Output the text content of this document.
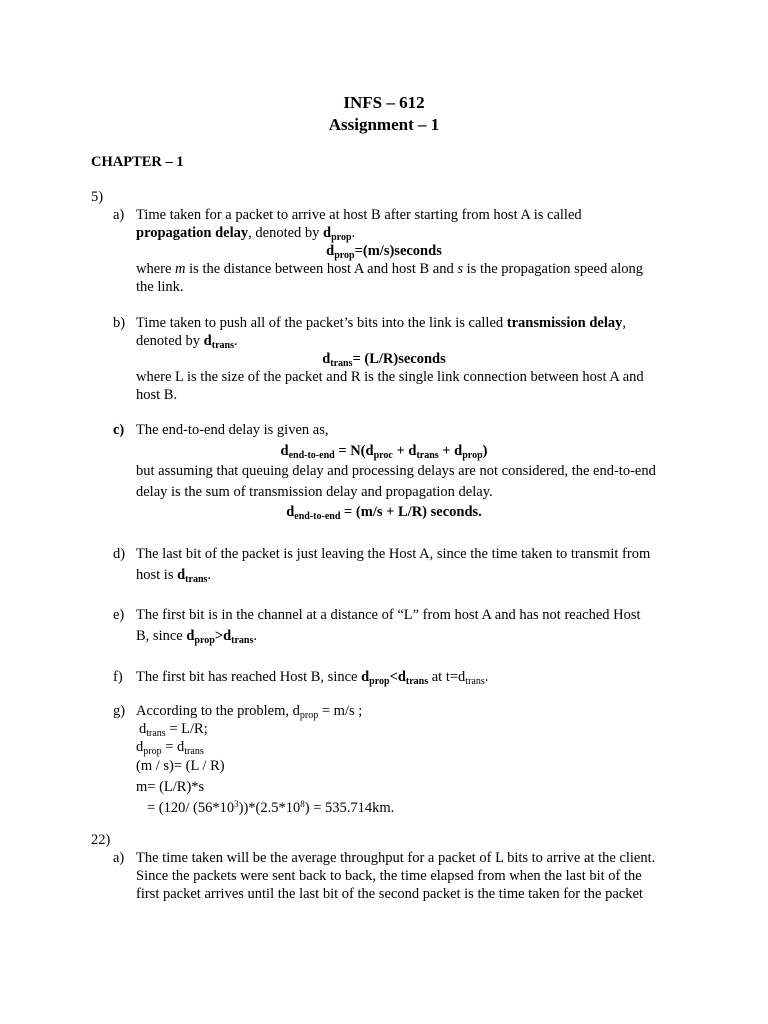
INFS – 612
Assignment – 1
CHAPTER – 1
5)
a) Time taken for a packet to arrive at host B after starting from host A is called
propagation delay, denoted by $d_{prop}$.
$d_{prop}=(m/s)seconds$
where m is the distance between host A and host B and s is the propagation speed along
the link.
b) Time taken to push all of the packet’s bits into the link is called transmission delay,
denoted by $d_{trans}$.
$d_{trans}=$ (L/R)seconds
where L is the size of the packet and R is the single link connection between host A and
host B.
c) The end-to-end delay is given as,
$d_{end-to-end} = N(d_{proc} + d_{trans} + d_{prop})$
but assuming that queuing delay and processing delays are not considered, the end-to-end
delay is the sum of transmission delay and propagation delay.
$d_{end-to-end} = (m/s + L/R)$ seconds.
d) The last bit of the packet is just leaving the Host A, since the time taken to transmit from
host is $d_{trans}$.
e) The first bit is in the channel at a distance of “L” from host A and has not reached Host
B, since $d_{prop}>d_{trans}$.
f) The first bit has reached Host B, since $d_{prop}<d_{trans}$ at $t=d_{trans}$.
g) According to the problem, $d_{prop} = m/s$ ;
$d_{trans} = L/R$;
$d_{prop} = d_{trans}$
(m / s)= (L / R)
m= (L/R)*s
= (120/ $(56*10^3))*(2.5*10^8) = 535.714km$.
22)
a) The time taken will be the average throughput for a packet of L bits to arrive at the client.
Since the packets were sent back to back, the time elapsed from when the last bit of the
first packet arrives until the last bit of the second packet is the time taken for the packet
